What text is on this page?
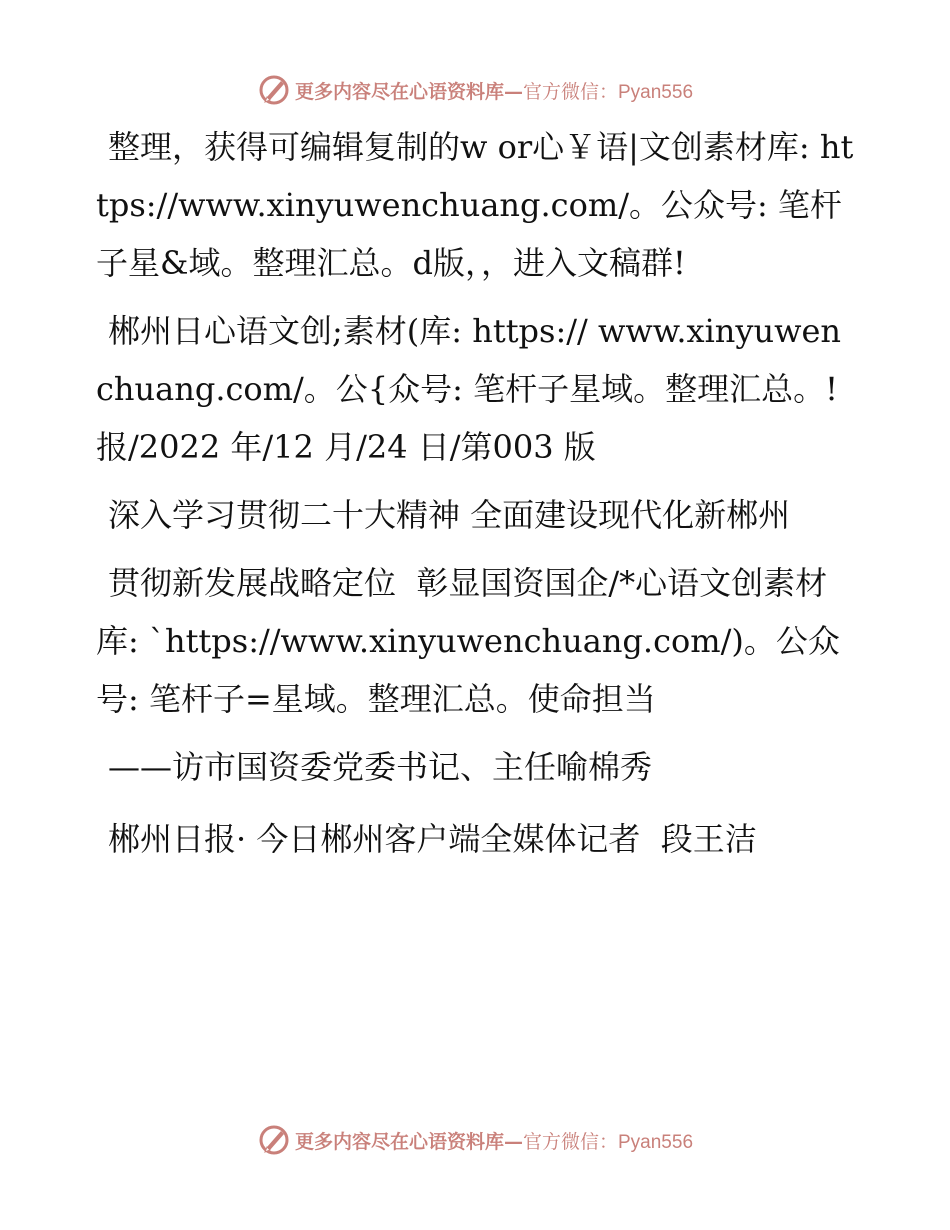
更多内容尽在心语资料库— 官方微信：Pyan556

整理，获得可编辑复制的w or心￥语|文创素材库: https://www.xinyuwenchuang.com/。公众号: 笔杆子星&域。整理汇总。d版，，进入文稿群!

郴州日心语文创;素材(库: https:// www.xinyuwenchuang.com/。公{众号: 笔杆子星域。整理汇总。! 报/2022 年/12 月/24 日/第003 版

深入学习贯彻二十大精神 全面建设现代化新郴州

贯彻新发展战略定位  彰显国资国企/*心语文创素材库: `https://www.xinyuwenchuang.com/)。公众号: 笔杆子=星域。整理汇总。使命担当

——访市国资委党委书记、主任喻棉秀

郴州日报· 今日郴州客户端全媒体记者  段王洁

更多内容尽在心语资料库— 官方微信：Pyan556
